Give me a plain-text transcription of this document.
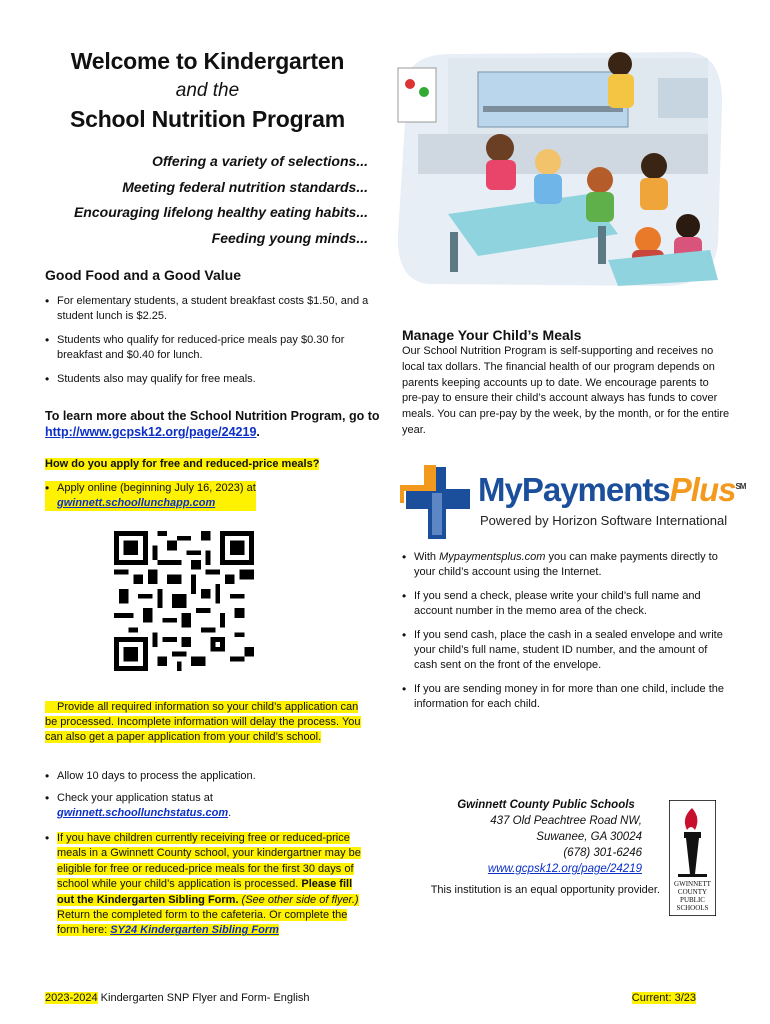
Welcome to Kindergarten
and the
School Nutrition Program
Offering a variety of selections...
Meeting federal nutrition standards...
Encouraging lifelong healthy eating habits...
Feeding young minds...
Good Food and a Good Value
• For elementary students, a student breakfast costs $1.50, and a student lunch is $2.25.
• Students who qualify for reduced-price meals pay $0.30 for breakfast and $0.40 for lunch.
• Students also may qualify for free meals.
To learn more about the School Nutrition Program, go to http://www.gcpsk12.org/page/24219.
Manage Your Child’s Meals
Our School Nutrition Program is self-supporting and receives no local tax dollars. The financial health of our program depends on parents keeping accounts up to date. We encourage parents to pre-pay to ensure their child’s account always has funds to cover meals. You can pre-pay by the week, by the month, or for the entire year.
How do you apply for free and reduced-price meals?
• Apply online (beginning July 16, 2023) at
gwinnett.schoollunchapp.com
Provide all required information so your child’s application can be processed. Incomplete information will delay the process. You can also get a paper application from your child’s school.
• Allow 10 days to process the application.
• Check your application status at
gwinnett.schoollunchstatus.com.
• If you have children currently receiving free or reduced-price meals in a Gwinnett County school, your kindergartner may be eligible for free or reduced-price meals for the first 30 days of school while your child’s application is processed. Please fill out the Kindergarten Sibling Form. (See other side of flyer.) Return the completed form to the cafeteria. Or complete the form here: SY24 Kindergarten Sibling Form
MyPaymentsPlus℠
Powered by Horizon Software International
• With Mypaymentsplus.com you can make payments directly to your child’s account using the Internet.
• If you send a check, please write your child’s full name and account number in the memo area of the check.
• If you send cash, place the cash in a sealed envelope and write your child’s full name, student ID number, and the amount of cash sent on the front of the envelope.
• If you are sending money in for more than one child, include the information for each child.
Gwinnett County Public Schools
437 Old Peachtree Road NW,
Suwanee, GA 30024
(678) 301-6246
www.gcpsk12.org/page/24219
This institution is an equal opportunity provider.	GWINNETT COUNTY PUBLIC SCHOOLS
2023-2024 Kindergarten SNP Flyer and Form- English	Current: 3/23
